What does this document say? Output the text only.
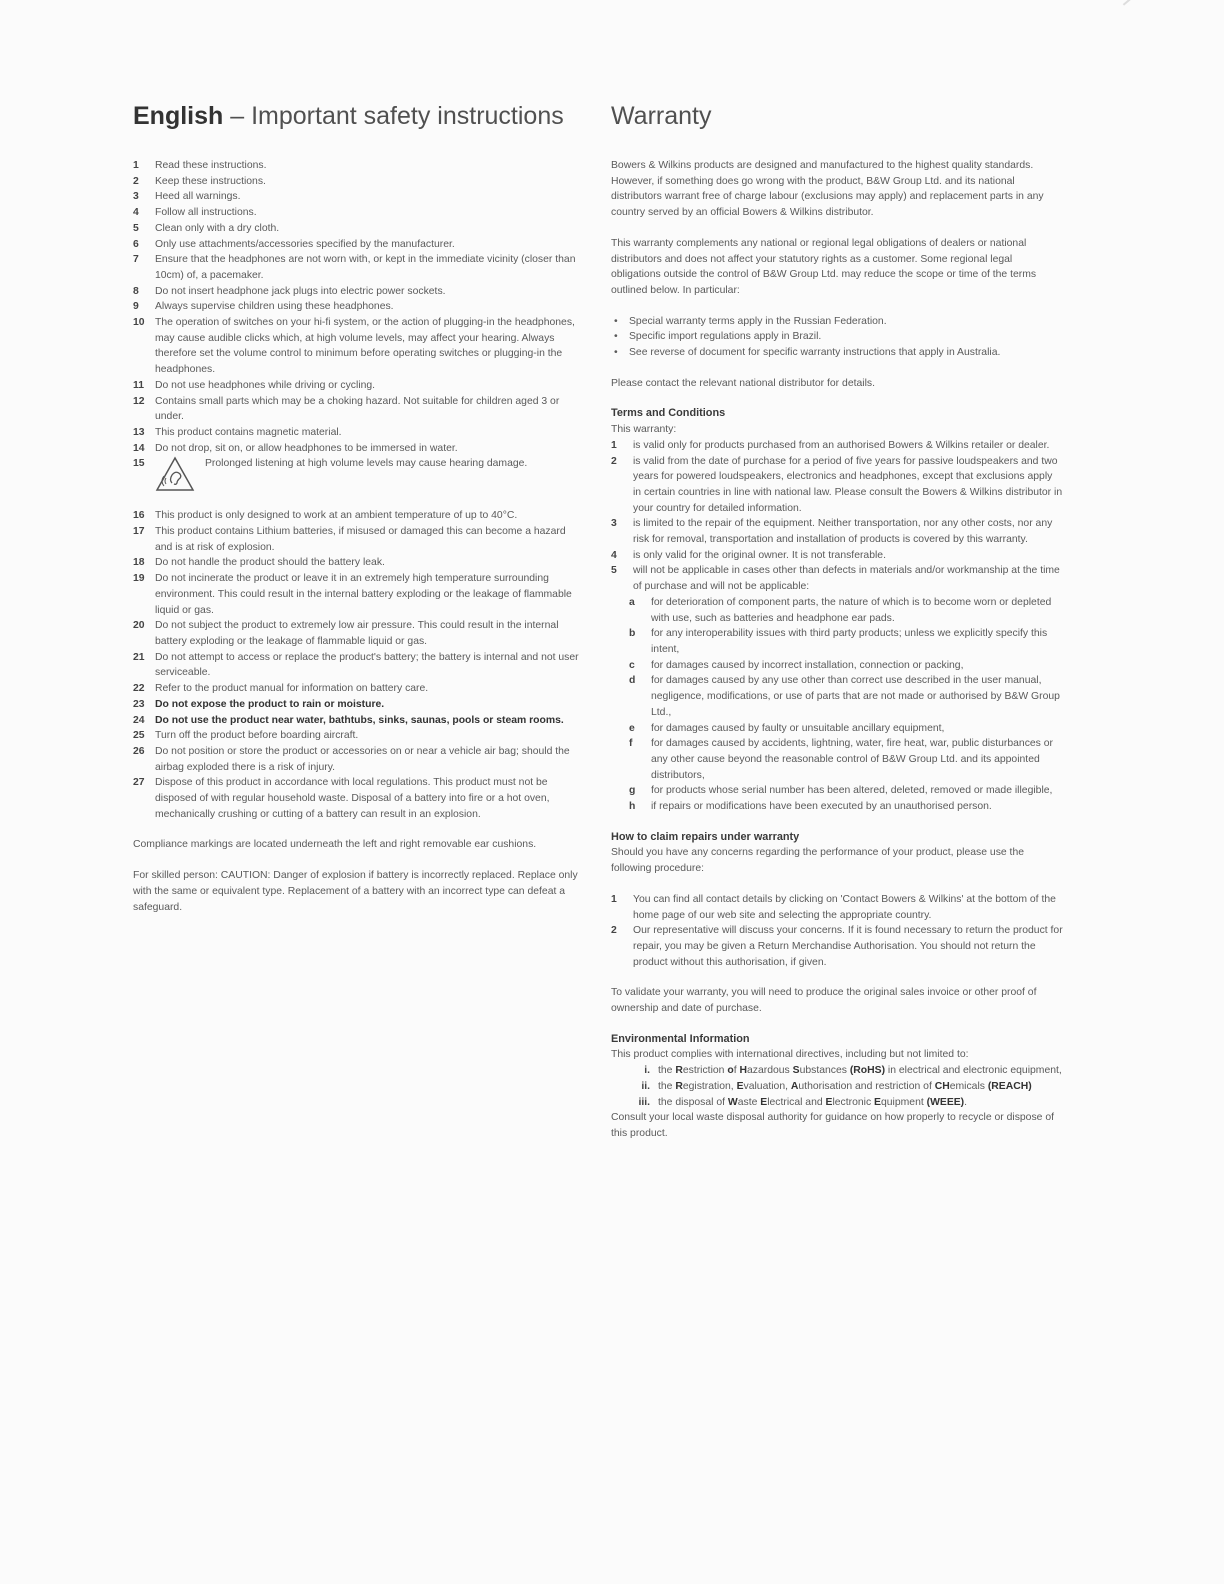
English – Important safety instructions
1 Read these instructions.
2 Keep these instructions.
3 Heed all warnings.
4 Follow all instructions.
5 Clean only with a dry cloth.
6 Only use attachments/accessories specified by the manufacturer.
7 Ensure that the headphones are not worn with, or kept in the immediate vicinity (closer than 10cm) of, a pacemaker.
8 Do not insert headphone jack plugs into electric power sockets.
9 Always supervise children using these headphones.
10 The operation of switches on your hi-fi system, or the action of plugging-in the headphones, may cause audible clicks which, at high volume levels, may affect your hearing. Always therefore set the volume control to minimum before operating switches or plugging-in the headphones.
11 Do not use headphones while driving or cycling.
12 Contains small parts which may be a choking hazard. Not suitable for children aged 3 or under.
13 This product contains magnetic material.
14 Do not drop, sit on, or allow headphones to be immersed in water.
15	Prolonged listening at high volume levels may cause hearing damage.
16 This product is only designed to work at an ambient temperature of up to 40°C.
17 This product contains Lithium batteries, if misused or damaged this can become a hazard and is at risk of explosion.
18 Do not handle the product should the battery leak.
19 Do not incinerate the product or leave it in an extremely high temperature surrounding environment. This could result in the internal battery exploding or the leakage of flammable liquid or gas.
20 Do not subject the product to extremely low air pressure. This could result in the internal battery exploding or the leakage of flammable liquid or gas.
21 Do not attempt to access or replace the product's battery; the battery is internal and not user serviceable.
22 Refer to the product manual for information on battery care.
23 Do not expose the product to rain or moisture.
24 Do not use the product near water, bathtubs, sinks, saunas, pools or steam rooms.
25 Turn off the product before boarding aircraft.
26 Do not position or store the product or accessories on or near a vehicle air bag; should the airbag exploded there is a risk of injury.
27 Dispose of this product in accordance with local regulations. This product must not be disposed of with regular household waste. Disposal of a battery into fire or a hot oven, mechanically crushing or cutting of a battery can result in an explosion.

Compliance markings are located underneath the left and right removable ear cushions.

For skilled person: CAUTION: Danger of explosion if battery is incorrectly replaced. Replace only with the same or equivalent type. Replacement of a battery with an incorrect type can defeat a safeguard.

Warranty

Bowers & Wilkins products are designed and manufactured to the highest quality standards. However, if something does go wrong with the product, B&W Group Ltd. and its national distributors warrant free of charge labour (exclusions may apply) and replacement parts in any country served by an official Bowers & Wilkins distributor.

This warranty complements any national or regional legal obligations of dealers or national distributors and does not affect your statutory rights as a customer. Some regional legal obligations outside the control of B&W Group Ltd. may reduce the scope or time of the terms outlined below. In particular:

• Special warranty terms apply in the Russian Federation.
• Specific import regulations apply in Brazil.
• See reverse of document for specific warranty instructions that apply in Australia.

Please contact the relevant national distributor for details.

Terms and Conditions

This warranty:

1 is valid only for products purchased from an authorised Bowers & Wilkins retailer or dealer.
2 is valid from the date of purchase for a period of five years for passive loudspeakers and two years for powered loudspeakers, electronics and headphones, except that exclusions apply in certain countries in line with national law. Please consult the Bowers & Wilkins distributor in your country for detailed information.
3 is limited to the repair of the equipment. Neither transportation, nor any other costs, nor any risk for removal, transportation and installation of products is covered by this warranty.
4 is only valid for the original owner. It is not transferable.
5 will not be applicable in cases other than defects in materials and/or workmanship at the time of purchase and will not be applicable:
a for deterioration of component parts, the nature of which is to become worn or depleted with use, such as batteries and headphone ear pads.
b for any interoperability issues with third party products; unless we explicitly specify this intent,
c for damages caused by incorrect installation, connection or packing,
d for damages caused by any use other than correct use described in the user manual, negligence, modifications, or use of parts that are not made or authorised by B&W Group Ltd.,
e for damages caused by faulty or unsuitable ancillary equipment,
f for damages caused by accidents, lightning, water, fire heat, war, public disturbances or any other cause beyond the reasonable control of B&W Group Ltd. and its appointed distributors,
g for products whose serial number has been altered, deleted, removed or made illegible,
h if repairs or modifications have been executed by an unauthorised person.

How to claim repairs under warranty

Should you have any concerns regarding the performance of your product, please use the following procedure:

1 You can find all contact details by clicking on 'Contact Bowers & Wilkins' at the bottom of the home page of our web site and selecting the appropriate country.
2 Our representative will discuss your concerns. If it is found necessary to return the product for repair, you may be given a Return Merchandise Authorisation. You should not return the product without this authorisation, if given.

To validate your warranty, you will need to produce the original sales invoice or other proof of ownership and date of purchase.

Environmental Information

This product complies with international directives, including but not limited to:

i. the Restriction of Hazardous Substances (RoHS) in electrical and electronic equipment,
ii. the Registration, Evaluation, Authorisation and restriction of CHemicals (REACH)
iii. the disposal of Waste Electrical and Electronic Equipment (WEEE).

Consult your local waste disposal authority for guidance on how properly to recycle or dispose of this product.
